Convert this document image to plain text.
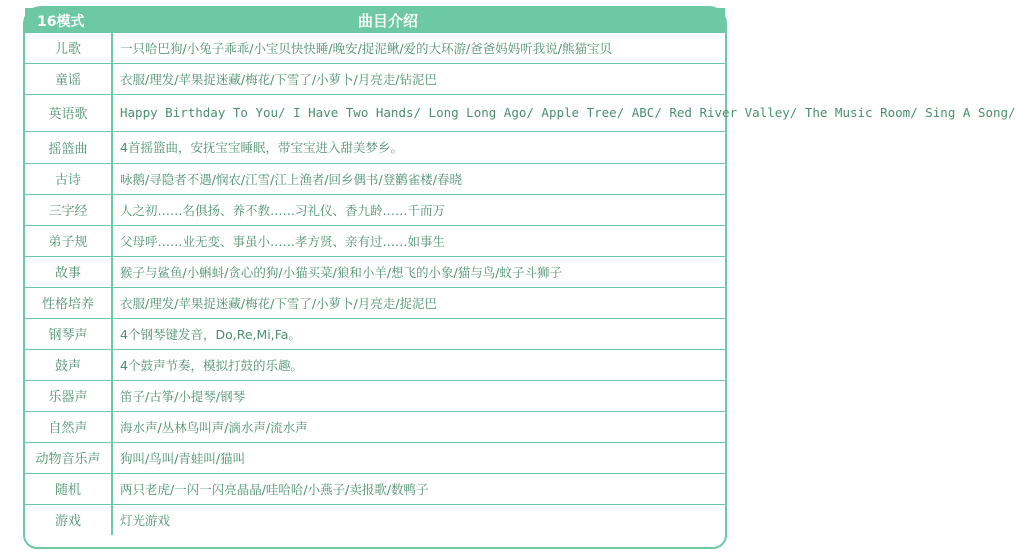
16模式	曲目介绍
儿歌	一只哈巴狗/小兔子乖乖/小宝贝快快睡/晚安/捉泥鳅/爱的大环游/爸爸妈妈听我说/熊猫宝贝
童谣	衣服/理发/苹果捉迷藏/梅花/下雪了/小萝卜/月亮走/钻泥巴
英语歌	Happy Birthday To You/ I Have Two Hands/ Long Long Ago/ Apple Tree/ ABC/ Red River Valley/ The Music Room/ Sing A Song/
摇篮曲	4首摇篮曲，安抚宝宝睡眠，带宝宝进入甜美梦乡。
古诗	咏鹅/寻隐者不遇/悯农/江雪/江上渔者/回乡偶书/登鹳雀楼/春晓
三字经	人之初……名俱扬、养不教……习礼仪、香九龄……千而万
弟子规	父母呼……业无变、事虽小……孝方贤、亲有过……如事生
故事	猴子与鲨鱼/小蝌蚪/贪心的狗/小猫买菜/狼和小羊/想飞的小象/猫与鸟/蚊子斗狮子
性格培养	衣服/理发/苹果捉迷藏/梅花/下雪了/小萝卜/月亮走/捉泥巴
钢琴声	4个钢琴键发音，Do,Re,Mi,Fa。
鼓声	4个鼓声节奏，模拟打鼓的乐趣。
乐器声	笛子/古筝/小提琴/钢琴
自然声	海水声/丛林鸟叫声/滴水声/流水声
动物音乐声	狗叫/鸟叫/青蛙叫/猫叫
随机	两只老虎/一闪一闪亮晶晶/哇哈哈/小燕子/卖报歌/数鸭子
游戏	灯光游戏
